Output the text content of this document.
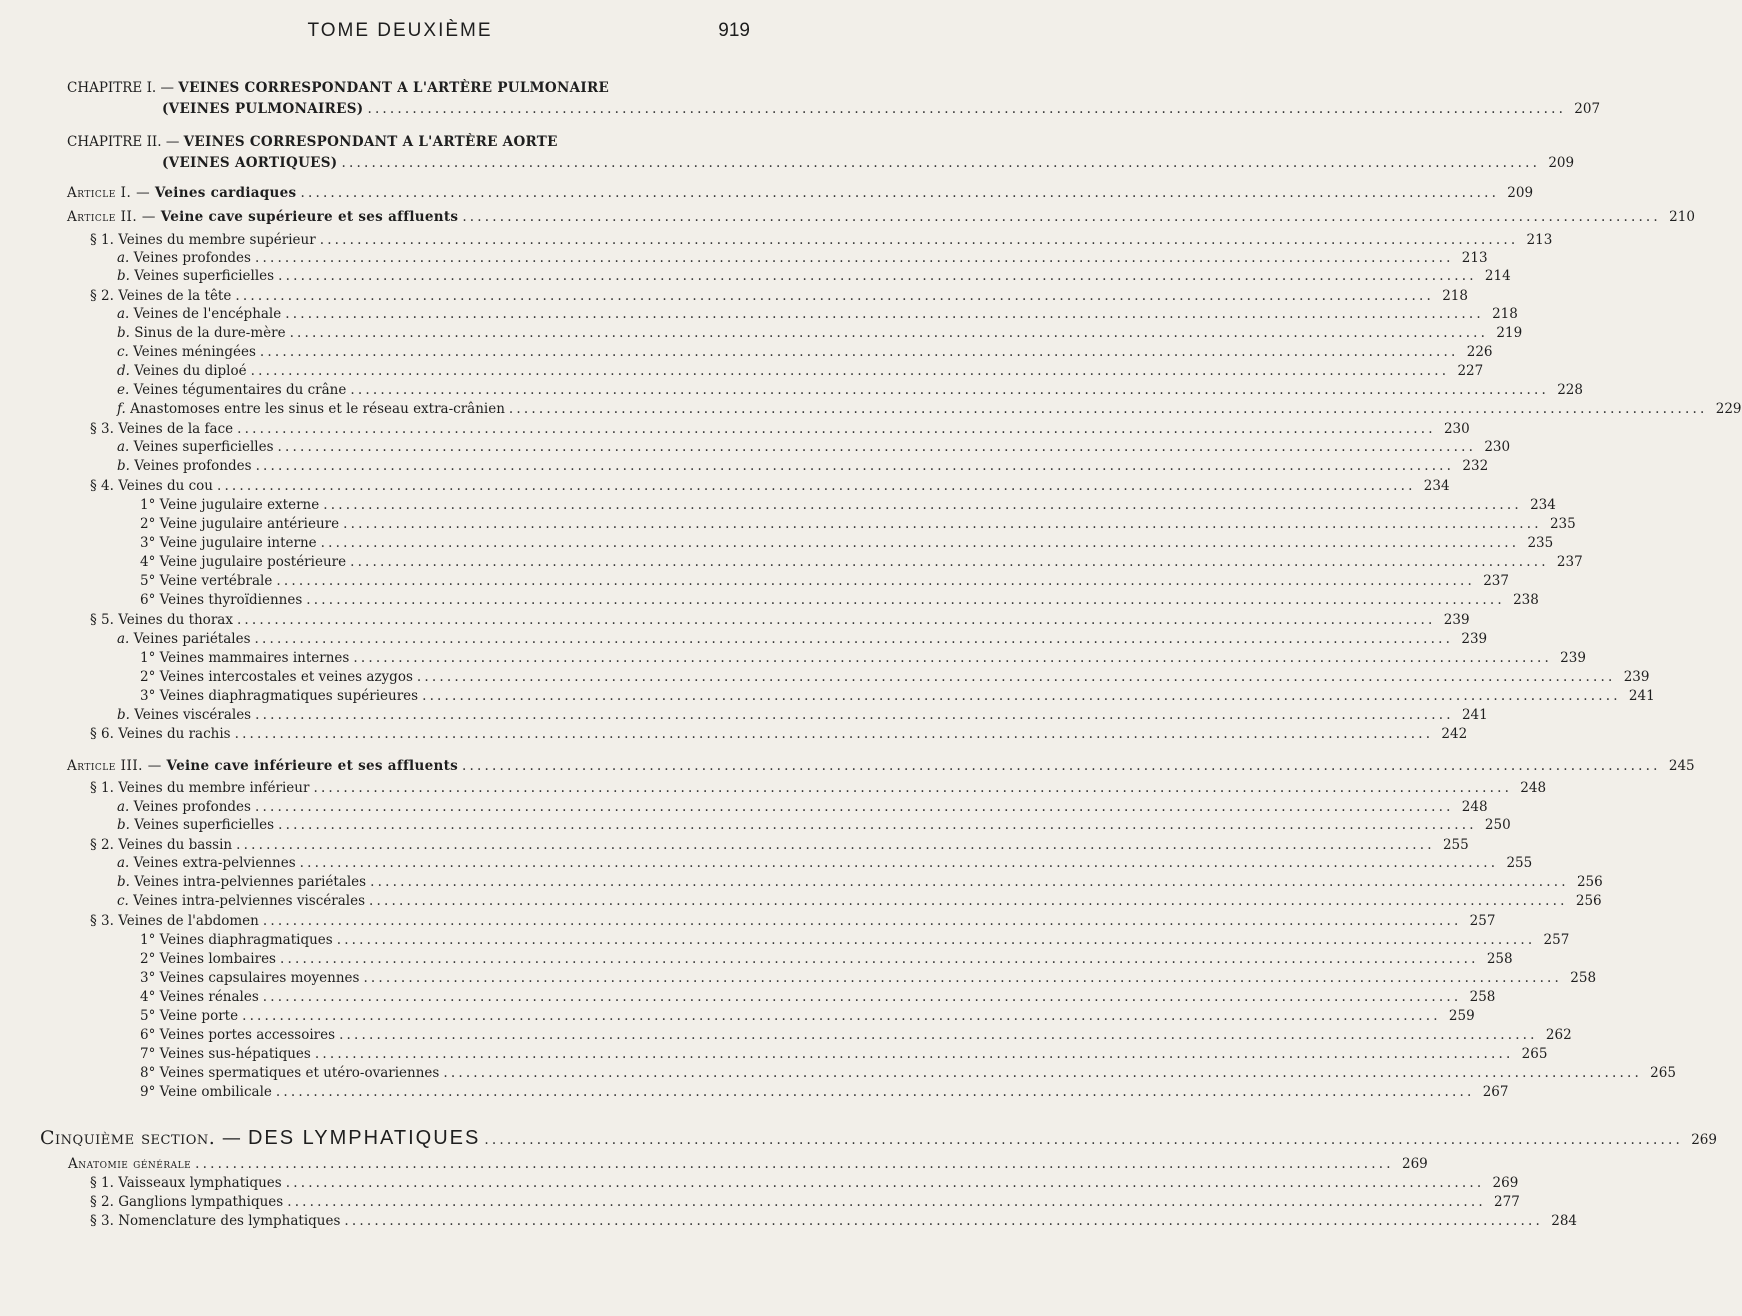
TOME DEUXIÈME	919
CHAPITRE I. — VEINES CORRESPONDANT A L'ARTÈRE PULMONAIRE
(VEINES PULMONAIRES) ................................................................................................................................................................ 207
CHAPITRE II. — VEINES CORRESPONDANT A L'ARTÈRE AORTE
(VEINES AORTIQUES) ................................................................................................................................................................ 209
Article I. — Veines cardiaques ................................................................................................................................................................ 209
Article II. — Veine cave supérieure et ses affluents ................................................................................................................................................................ 210
§ 1. Veines du membre supérieur ................................................................................................................................................................ 213
a. Veines profondes ................................................................................................................................................................ 213
b. Veines superficielles ................................................................................................................................................................ 214
§ 2. Veines de la tête ................................................................................................................................................................ 218
a. Veines de l'encéphale ................................................................................................................................................................ 218
b. Sinus de la dure-mère ................................................................................................................................................................ 219
c. Veines méningées ................................................................................................................................................................ 226
d. Veines du diploé ................................................................................................................................................................ 227
e. Veines tégumentaires du crâne ................................................................................................................................................................ 228
f. Anastomoses entre les sinus et le réseau extra-crânien ................................................................................................................................................................ 229
§ 3. Veines de la face ................................................................................................................................................................ 230
a. Veines superficielles ................................................................................................................................................................ 230
b. Veines profondes ................................................................................................................................................................ 232
§ 4. Veines du cou ................................................................................................................................................................ 234
1° Veine jugulaire externe ................................................................................................................................................................ 234
2° Veine jugulaire antérieure ................................................................................................................................................................ 235
3° Veine jugulaire interne ................................................................................................................................................................ 235
4° Veine jugulaire postérieure ................................................................................................................................................................ 237
5° Veine vertébrale ................................................................................................................................................................ 237
6° Veines thyroïdiennes ................................................................................................................................................................ 238
§ 5. Veines du thorax ................................................................................................................................................................ 239
a. Veines pariétales ................................................................................................................................................................ 239
1° Veines mammaires internes ................................................................................................................................................................ 239
2° Veines intercostales et veines azygos ................................................................................................................................................................ 239
3° Veines diaphragmatiques supérieures ................................................................................................................................................................ 241
b. Veines viscérales ................................................................................................................................................................ 241
§ 6. Veines du rachis ................................................................................................................................................................ 242
Article III. — Veine cave inférieure et ses affluents ................................................................................................................................................................ 245
§ 1. Veines du membre inférieur ................................................................................................................................................................ 248
a. Veines profondes ................................................................................................................................................................ 248
b. Veines superficielles ................................................................................................................................................................ 250
§ 2. Veines du bassin ................................................................................................................................................................ 255
a. Veines extra-pelviennes ................................................................................................................................................................ 255
b. Veines intra-pelviennes pariétales ................................................................................................................................................................ 256
c. Veines intra-pelviennes viscérales ................................................................................................................................................................ 256
§ 3. Veines de l'abdomen ................................................................................................................................................................ 257
1° Veines diaphragmatiques ................................................................................................................................................................ 257
2° Veines lombaires ................................................................................................................................................................ 258
3° Veines capsulaires moyennes ................................................................................................................................................................ 258
4° Veines rénales ................................................................................................................................................................ 258
5° Veine porte ................................................................................................................................................................ 259
6° Veines portes accessoires ................................................................................................................................................................ 262
7° Veines sus-hépatiques ................................................................................................................................................................ 265
8° Veines spermatiques et utéro-ovariennes ................................................................................................................................................................ 265
9° Veine ombilicale ................................................................................................................................................................ 267
Cinquième section. — DES LYMPHATIQUES ................................................................................................................................................................ 269
Anatomie générale ................................................................................................................................................................ 269
§ 1. Vaisseaux lymphatiques ................................................................................................................................................................ 269
§ 2. Ganglions lympathiques ................................................................................................................................................................ 277
§ 3. Nomenclature des lymphatiques ................................................................................................................................................................ 284
